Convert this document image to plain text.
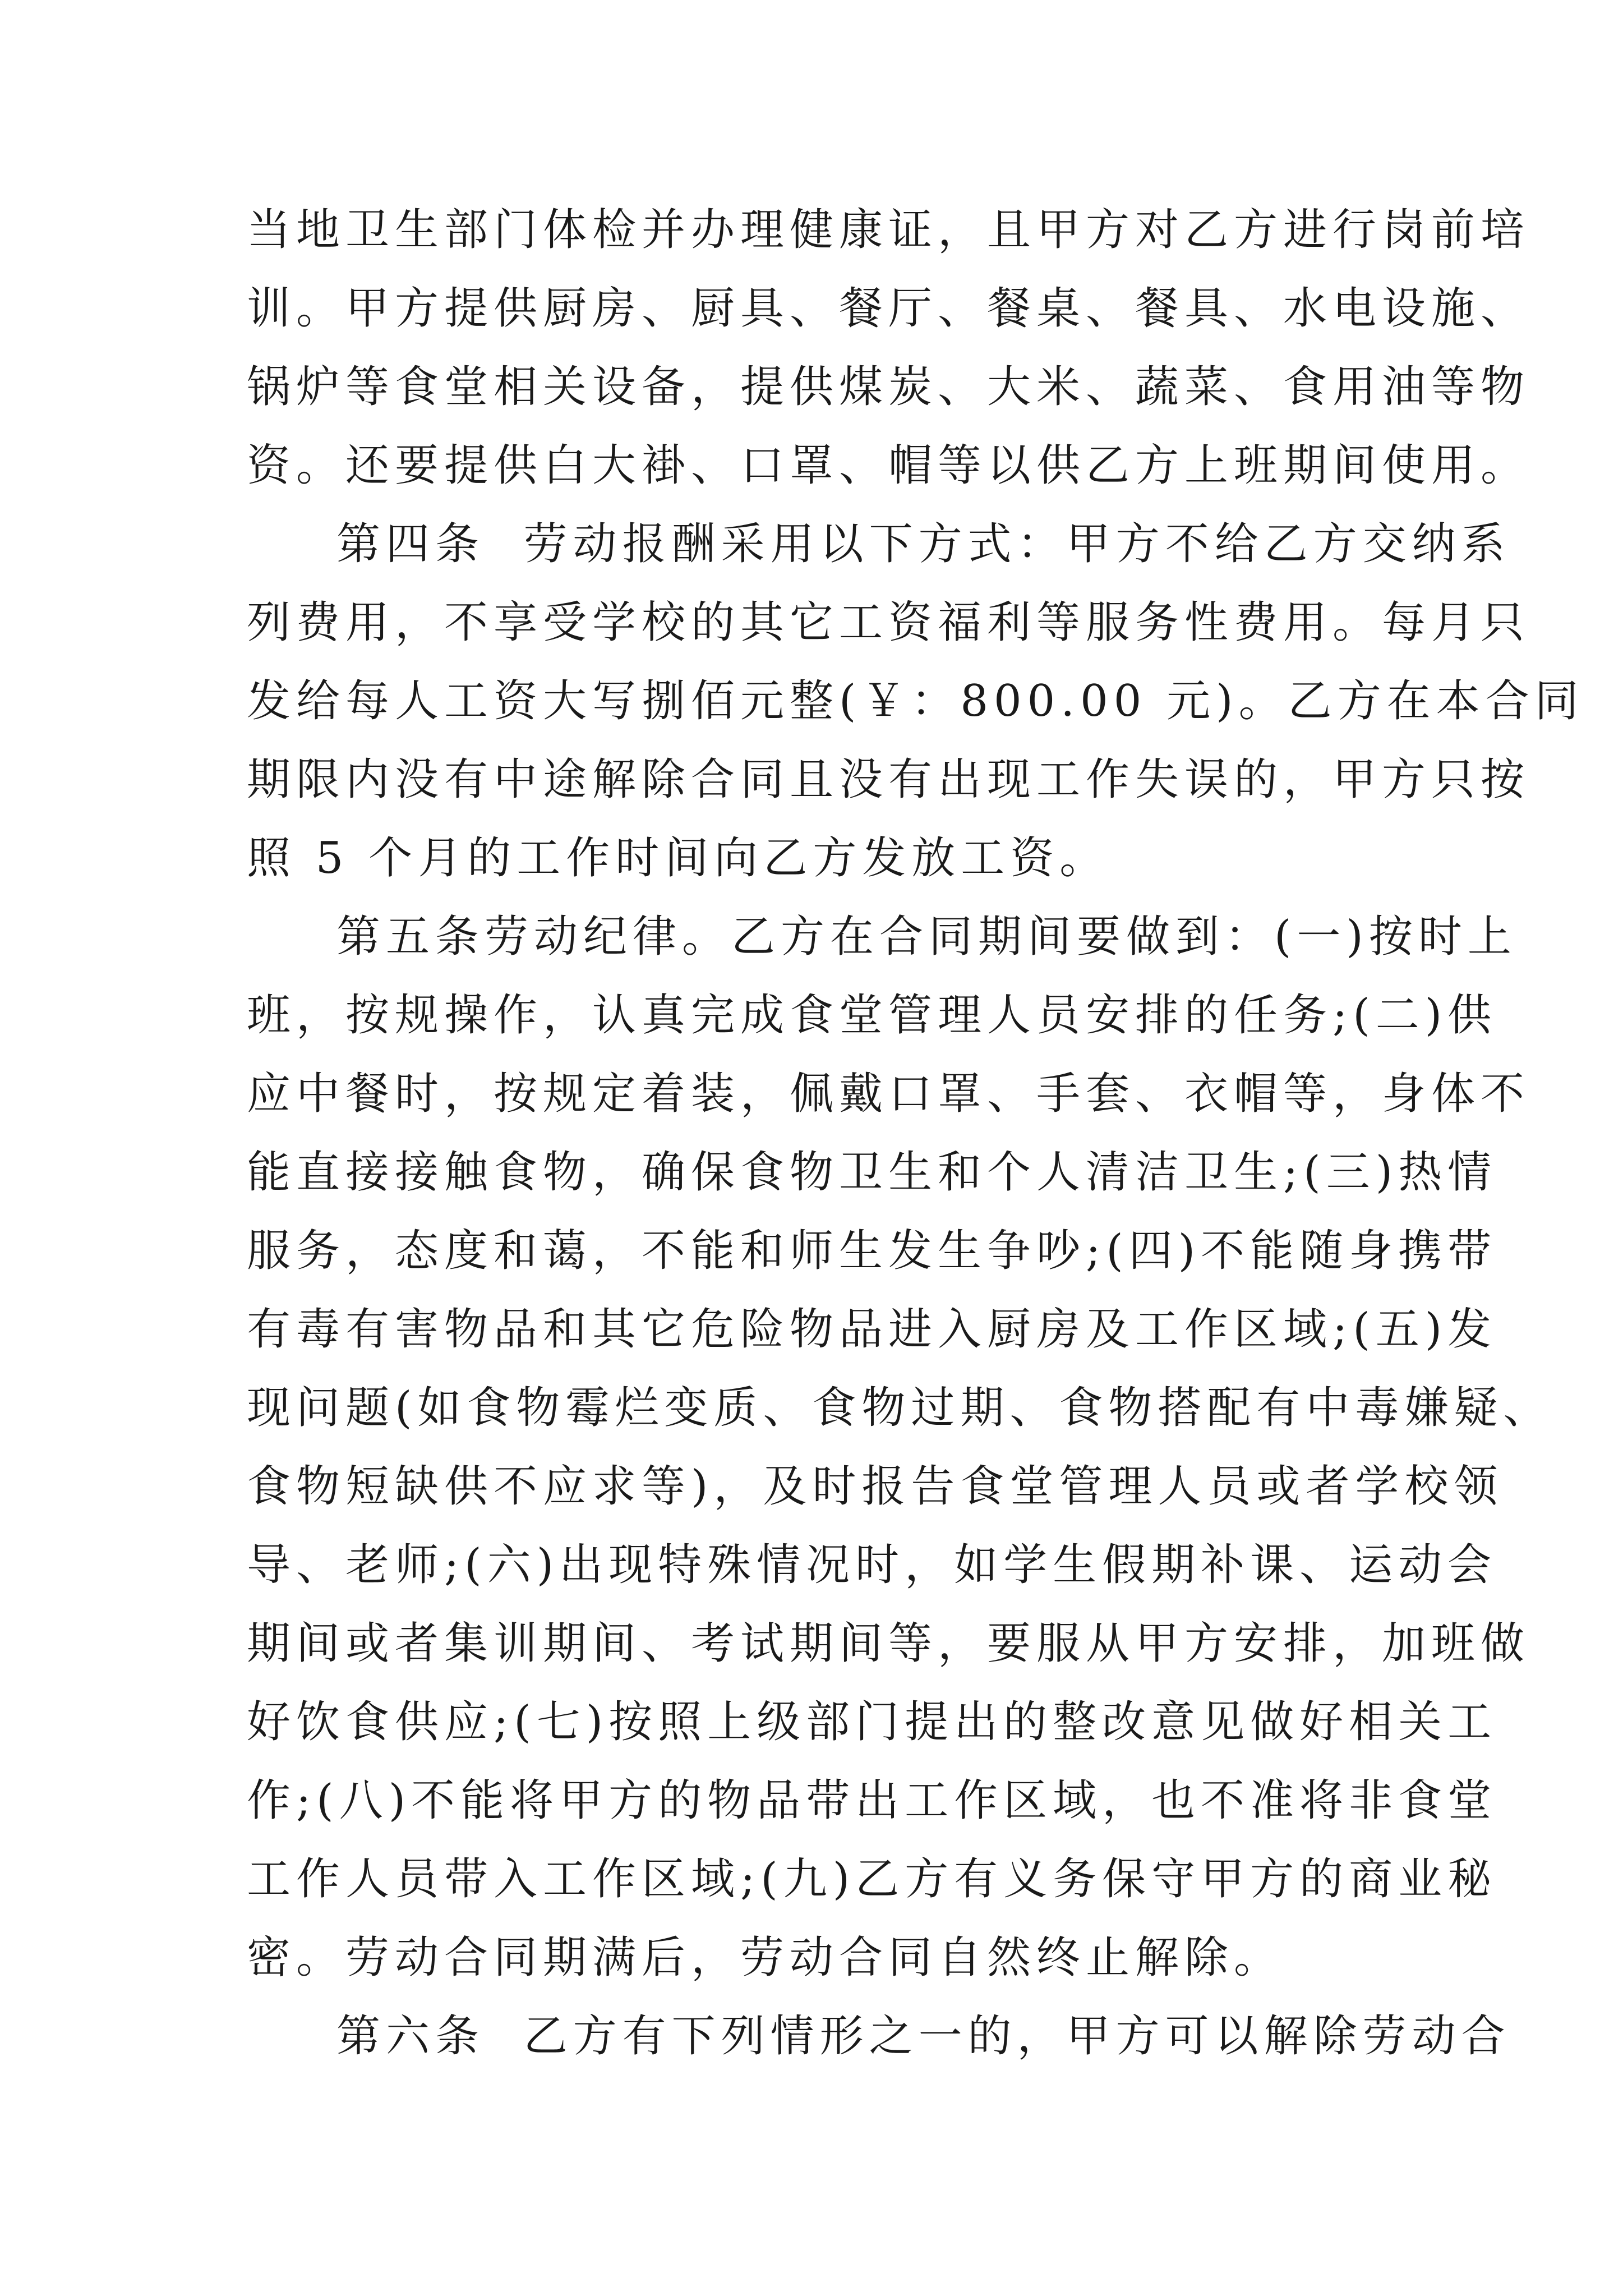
当地卫生部门体检并办理健康证，且甲方对乙方进行岗前培
训。甲方提供厨房、厨具、餐厅、餐桌、餐具、水电设施、
锅炉等食堂相关设备，提供煤炭、大米、蔬菜、食用油等物
资。还要提供白大褂、口罩、帽等以供乙方上班期间使用。
第四条  劳动报酬采用以下方式：甲方不给乙方交纳系
列费用，不享受学校的其它工资福利等服务性费用。每月只
发给每人工资大写捌佰元整(￥：800.00 元)。乙方在本合同
期限内没有中途解除合同且没有出现工作失误的，甲方只按
照 5 个月的工作时间向乙方发放工资。
第五条劳动纪律。乙方在合同期间要做到：(一)按时上
班，按规操作，认真完成食堂管理人员安排的任务;(二)供
应中餐时，按规定着装，佩戴口罩、手套、衣帽等，身体不
能直接接触食物，确保食物卫生和个人清洁卫生;(三)热情
服务，态度和蔼，不能和师生发生争吵;(四)不能随身携带
有毒有害物品和其它危险物品进入厨房及工作区域;(五)发
现问题(如食物霉烂变质、食物过期、食物搭配有中毒嫌疑、
食物短缺供不应求等)，及时报告食堂管理人员或者学校领
导、老师;(六)出现特殊情况时，如学生假期补课、运动会
期间或者集训期间、考试期间等，要服从甲方安排，加班做
好饮食供应;(七)按照上级部门提出的整改意见做好相关工
作;(八)不能将甲方的物品带出工作区域，也不准将非食堂
工作人员带入工作区域;(九)乙方有义务保守甲方的商业秘
密。劳动合同期满后，劳动合同自然终止解除。
第六条  乙方有下列情形之一的，甲方可以解除劳动合
